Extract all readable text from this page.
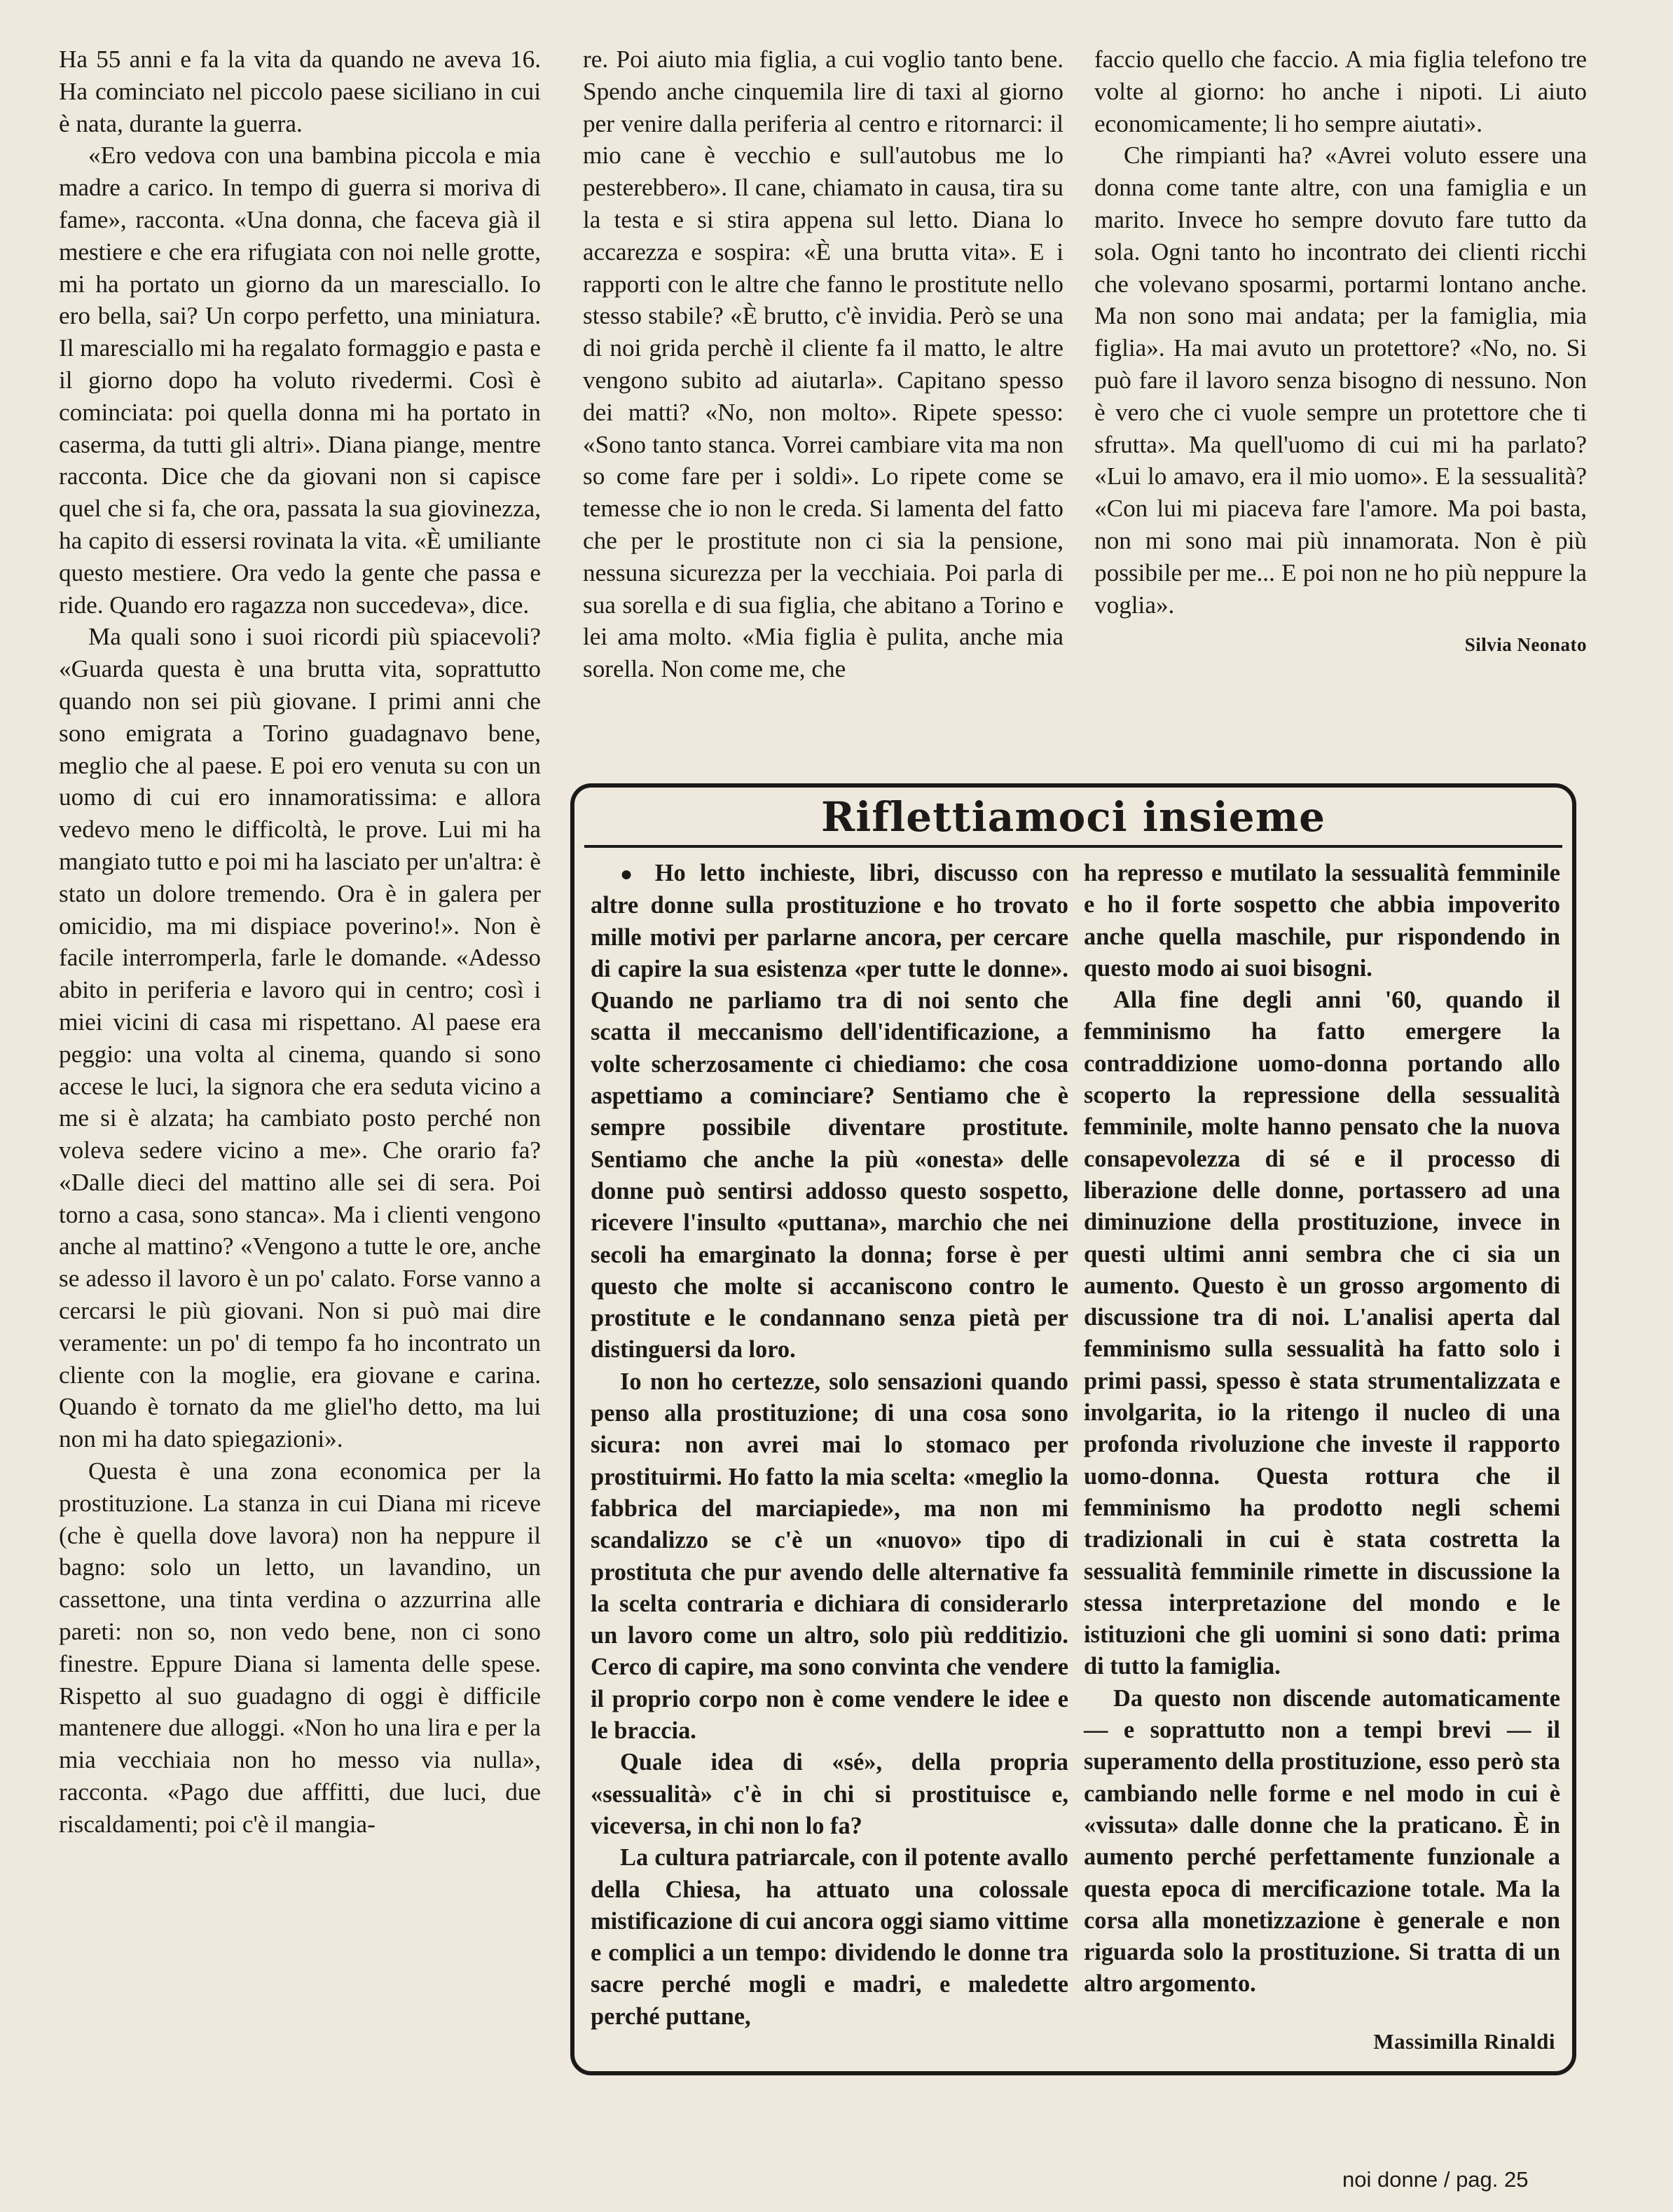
Ha 55 anni e fa la vita da quando ne aveva 16. Ha cominciato nel piccolo paese siciliano in cui è nata, durante la guerra.

«Ero vedova con una bambina piccola e mia madre a carico. In tempo di guerra si moriva di fame», racconta. «Una donna, che faceva già il mestiere e che era rifugiata con noi nelle grotte, mi ha portato un giorno da un maresciallo. Io ero bella, sai? Un corpo perfetto, una miniatura. Il maresciallo mi ha regalato formaggio e pasta e il giorno dopo ha voluto rivedermi. Così è cominciata: poi quella donna mi ha portato in caserma, da tutti gli altri». Diana piange, mentre racconta. Dice che da giovani non si capisce quel che si fa, che ora, passata la sua giovinezza, ha capito di essersi rovinata la vita. «È umiliante questo mestiere. Ora vedo la gente che passa e ride. Quando ero ragazza non succedeva», dice.

Ma quali sono i suoi ricordi più spiacevoli? «Guarda questa è una brutta vita, soprattutto quando non sei più giovane. I primi anni che sono emigrata a Torino guadagnavo bene, meglio che al paese. E poi ero venuta su con un uomo di cui ero innamoratissima: e allora vedevo meno le difficoltà, le prove. Lui mi ha mangiato tutto e poi mi ha lasciato per un'altra: è stato un dolore tremendo. Ora è in galera per omicidio, ma mi dispiace poverino!». Non è facile interromperla, farle le domande. «Adesso abito in periferia e lavoro qui in centro; così i miei vicini di casa mi rispettano. Al paese era peggio: una volta al cinema, quando si sono accese le luci, la signora che era seduta vicino a me si è alzata; ha cambiato posto perché non voleva sedere vicino a me». Che orario fa? «Dalle dieci del mattino alle sei di sera. Poi torno a casa, sono stanca». Ma i clienti vengono anche al mattino? «Vengono a tutte le ore, anche se adesso il lavoro è un po' calato. Forse vanno a cercarsi le più giovani. Non si può mai dire veramente: un po' di tempo fa ho incontrato un cliente con la moglie, era giovane e carina. Quando è tornato da me gliel'ho detto, ma lui non mi ha dato spiegazioni».

Questa è una zona economica per la prostituzione. La stanza in cui Diana mi riceve (che è quella dove lavora) non ha neppure il bagno: solo un letto, un lavandino, un cassettone, una tinta verdina o azzurrina alle pareti: non so, non vedo bene, non ci sono finestre. Eppure Diana si lamenta delle spese. Rispetto al suo guadagno di oggi è difficile mantenere due alloggi. «Non ho una lira e per la mia vecchiaia non ho messo via nulla», racconta. «Pago due afffitti, due luci, due riscaldamenti; poi c'è il mangia-

re. Poi aiuto mia figlia, a cui voglio tanto bene. Spendo anche cinquemila lire di taxi al giorno per venire dalla periferia al centro e ritornarci: il mio cane è vecchio e sull'autobus me lo pesterebbero». Il cane, chiamato in causa, tira su la testa e si stira appena sul letto. Diana lo accarezza e sospira: «È una brutta vita». E i rapporti con le altre che fanno le prostitute nello stesso stabile? «È brutto, c'è invidia. Però se una di noi grida perchè il cliente fa il matto, le altre vengono subito ad aiutarla». Capitano spesso dei matti? «No, non molto». Ripete spesso: «Sono tanto stanca. Vorrei cambiare vita ma non so come fare per i soldi». Lo ripete come se temesse che io non le creda. Si lamenta del fatto che per le prostitute non ci sia la pensione, nessuna sicurezza per la vecchiaia. Poi parla di sua sorella e di sua figlia, che abitano a Torino e lei ama molto. «Mia figlia è pulita, anche mia sorella. Non come me, che

faccio quello che faccio. A mia figlia telefono tre volte al giorno: ho anche i nipoti. Li aiuto economicamente; li ho sempre aiutati».

Che rimpianti ha? «Avrei voluto essere una donna come tante altre, con una famiglia e un marito. Invece ho sempre dovuto fare tutto da sola. Ogni tanto ho incontrato dei clienti ricchi che volevano sposarmi, portarmi lontano anche. Ma non sono mai andata; per la famiglia, mia figlia». Ha mai avuto un protettore? «No, no. Si può fare il lavoro senza bisogno di nessuno. Non è vero che ci vuole sempre un protettore che ti sfrutta». Ma quell'uomo di cui mi ha parlato? «Lui lo amavo, era il mio uomo». E la sessualità? «Con lui mi piaceva fare l'amore. Ma poi basta, non mi sono mai più innamorata. Non è più possibile per me... E poi non ne ho più neppure la voglia».

Silvia Neonato
Riflettiamoci insieme

● Ho letto inchieste, libri, discusso con altre donne sulla prostituzione e ho trovato mille motivi per parlarne ancora, per cercare di capire la sua esistenza «per tutte le donne». Quando ne parliamo tra di noi sento che scatta il meccanismo dell'identificazione, a volte scherzosamente ci chiediamo: che cosa aspettiamo a cominciare? Sentiamo che è sempre possibile diventare prostitute. Sentiamo che anche la più «onesta» delle donne può sentirsi addosso questo sospetto, ricevere l'insulto «puttana», marchio che nei secoli ha emarginato la donna; forse è per questo che molte si accaniscono contro le prostitute e le condannano senza pietà per distinguersi da loro.

Io non ho certezze, solo sensazioni quando penso alla prostituzione; di una cosa sono sicura: non avrei mai lo stomaco per prostituirmi. Ho fatto la mia scelta: «meglio la fabbrica del marciapiede», ma non mi scandalizzo se c'è un «nuovo» tipo di prostituta che pur avendo delle alternative fa la scelta contraria e dichiara di considerarlo un lavoro come un altro, solo più redditizio. Cerco di capire, ma sono convinta che vendere il proprio corpo non è come vendere le idee e le braccia.

Quale idea di «sé», della propria «sessualità» c'è in chi si prostituisce e, viceversa, in chi non lo fa?

La cultura patriarcale, con il potente avallo della Chiesa, ha attuato una colossale mistificazione di cui ancora oggi siamo vittime e complici a un tempo: dividendo le donne tra sacre perché mogli e madri, e maledette perché puttane,

ha represso e mutilato la sessualità femminile e ho il forte sospetto che abbia impoverito anche quella maschile, pur rispondendo in questo modo ai suoi bisogni.

Alla fine degli anni '60, quando il femminismo ha fatto emergere la contraddizione uomo-donna portando allo scoperto la repressione della sessualità femminile, molte hanno pensato che la nuova consapevolezza di sé e il processo di liberazione delle donne, portassero ad una diminuzione della prostituzione, invece in questi ultimi anni sembra che ci sia un aumento. Questo è un grosso argomento di discussione tra di noi. L'analisi aperta dal femminismo sulla sessualità ha fatto solo i primi passi, spesso è stata strumentalizzata e involgarita, io la ritengo il nucleo di una profonda rivoluzione che investe il rapporto uomo-donna. Questa rottura che il femminismo ha prodotto negli schemi tradizionali in cui è stata costretta la sessualità femminile rimette in discussione la stessa interpretazione del mondo e le istituzioni che gli uomini si sono dati: prima di tutto la famiglia.

Da questo non discende automaticamente — e soprattutto non a tempi brevi — il superamento della prostituzione, esso però sta cambiando nelle forme e nel modo in cui è «vissuta» dalle donne che la praticano. È in aumento perché perfettamente funzionale a questa epoca di mercificazione totale. Ma la corsa alla monetizzazione è generale e non riguarda solo la prostituzione. Si tratta di un altro argomento.

Massimilla Rinaldi
noi donne / pag. 25
